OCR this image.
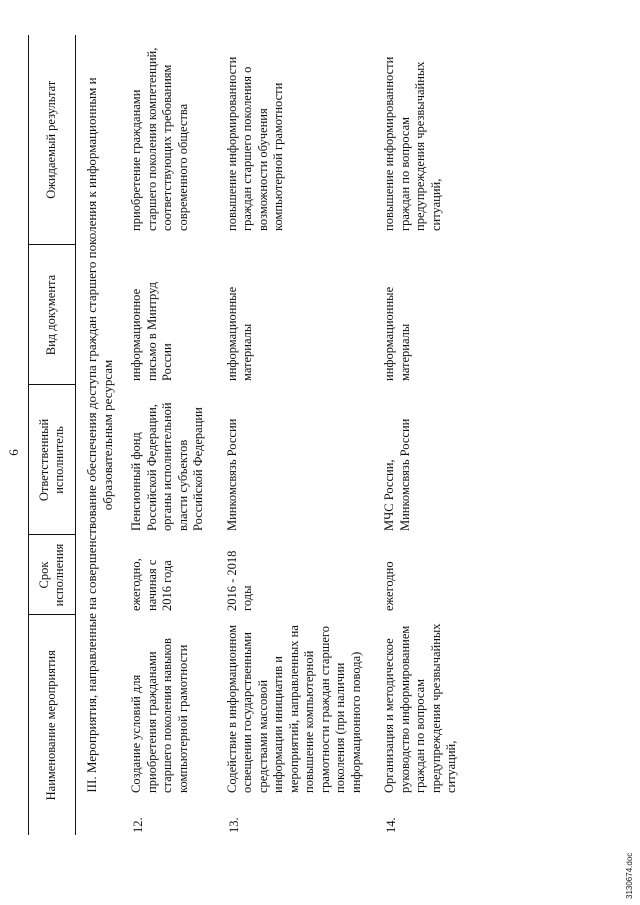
6
Наименование мероприятия		Срок исполнения	Ответственный исполнитель	Вид документа	Ожидаемый результат
III. Мероприятия, направленные на совершенствование обеспечения доступа граждан старшего поколения к информационным и образовательным ресурсам					
12.	Создание условий для приобретения гражданами старшего поколения навыков компьютерной грамотности	ежегодно, начиная с 2016 года	Пенсионный фонд Российской Федерации, органы исполнительной власти субъектов Российской Федерации	информационное письмо в Минтруд России	приобретение гражданами старшего поколения компетенций, соответствующих требованиям современного общества
13.	Содействие в информационном освещении государственными средствами массовой информации инициатив и мероприятий, направленных на повышение компьютерной грамотности граждан старшего поколения (при наличии информационного повода)	2016 - 2018 годы	Минкомсвязь России	информационные материалы	повышение информированности граждан старшего поколения о возможности обучения компьютерной грамотности
14.	Организация и методическое руководство информированием граждан по вопросам предупреждения чрезвычайных ситуаций,	ежегодно	МЧС России, Минкомсвязь России	информационные материалы	повышение информированности граждан по вопросам предупреждения чрезвычайных ситуаций,
3130674.doc
